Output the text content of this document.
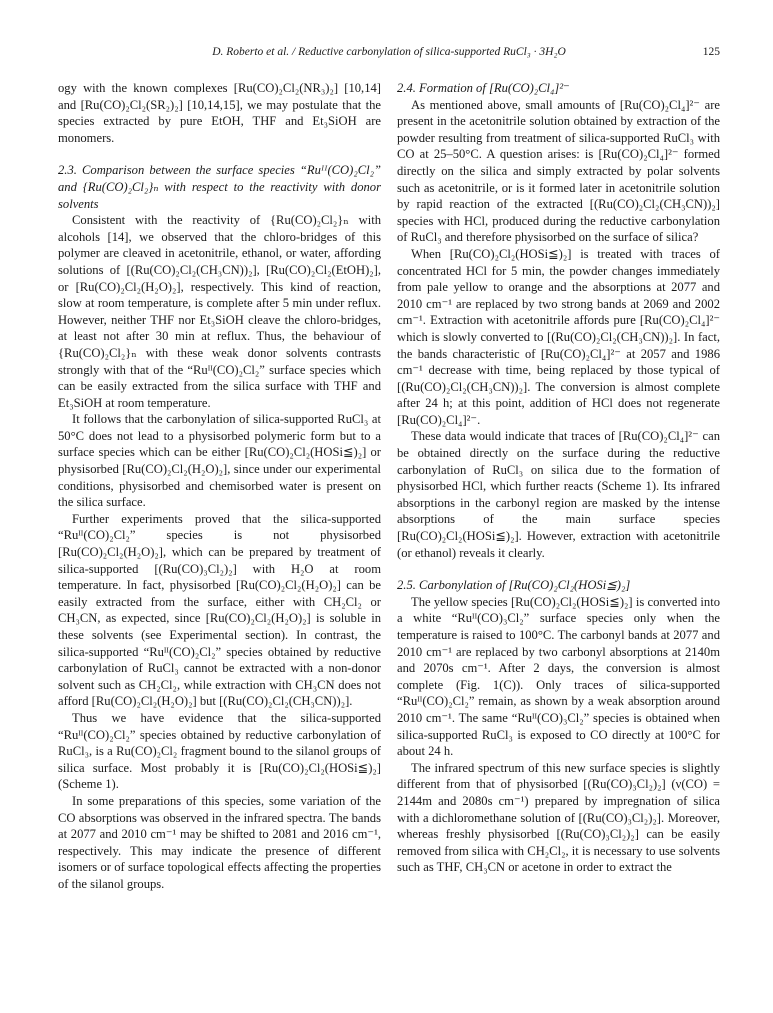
D. Roberto et al. / Reductive carbonylation of silica-supported RuCl₃ · 3H₂O	125

ogy with the known complexes [Ru(CO)₂Cl₂(NR₃)₂] [10,14] and [Ru(CO)₂Cl₂(SR₂)₂] [10,14,15], we may postulate that the species extracted by pure EtOH, THF and Et₃SiOH are monomers.

2.3. Comparison between the surface species “Ruᴵᴵ(CO)₂Cl₂” and {Ru(CO)₂Cl₂}ₙ with respect to the reactivity with donor solvents

Consistent with the reactivity of {Ru(CO)₂Cl₂}ₙ with alcohols [14], we observed that the chloro-bridges of this polymer are cleaved in acetonitrile, ethanol, or water, affording solutions of [(Ru(CO)₂Cl₂(CH₃CN))₂], [Ru(CO)₂Cl₂(EtOH)₂], or [Ru(CO)₂Cl₂(H₂O)₂], respectively. This kind of reaction, slow at room temperature, is complete after 5 min under reflux. However, neither THF nor Et₃SiOH cleave the chloro-bridges, at least not after 30 min at reflux. Thus, the behaviour of {Ru(CO)₂Cl₂}ₙ with these weak donor solvents contrasts strongly with that of the “Ruᴵᴵ(CO)₂Cl₂” surface species which can be easily extracted from the silica surface with THF and Et₃SiOH at room temperature.

It follows that the carbonylation of silica-supported RuCl₃ at 50°C does not lead to a physisorbed polymeric form but to a surface species which can be either [Ru(CO)₂Cl₂(HOSi≦)₂] or physisorbed [Ru(CO)₂Cl₂(H₂O)₂], since under our experimental conditions, physisorbed and chemisorbed water is present on the silica surface.

Further experiments proved that the silica-supported “Ruᴵᴵ(CO)₂Cl₂” species is not physisorbed [Ru(CO)₂Cl₂(H₂O)₂], which can be prepared by treatment of silica-supported [(Ru(CO)₃Cl₂)₂] with H₂O at room temperature. In fact, physisorbed [Ru(CO)₂Cl₂(H₂O)₂] can be easily extracted from the surface, either with CH₂Cl₂ or CH₃CN, as expected, since [Ru(CO)₂Cl₂(H₂O)₂] is soluble in these solvents (see Experimental section). In contrast, the silica-supported “Ruᴵᴵ(CO)₂Cl₂” species obtained by reductive carbonylation of RuCl₃ cannot be extracted with a non-donor solvent such as CH₂Cl₂, while extraction with CH₃CN does not afford [Ru(CO)₂Cl₂(H₂O)₂] but [(Ru(CO)₂Cl₂(CH₃CN))₂].

Thus we have evidence that the silica-supported “Ruᴵᴵ(CO)₂Cl₂” species obtained by reductive carbonylation of RuCl₃, is a Ru(CO)₂Cl₂ fragment bound to the silanol groups of silica surface. Most probably it is [Ru(CO)₂Cl₂(HOSi≦)₂] (Scheme 1).

In some preparations of this species, some variation of the CO absorptions was observed in the infrared spectra. The bands at 2077 and 2010 cm⁻¹ may be shifted to 2081 and 2016 cm⁻¹, respectively. This may indicate the presence of different isomers or of surface topological effects affecting the properties of the silanol groups.

2.4. Formation of [Ru(CO)₂Cl₄]²⁻

As mentioned above, small amounts of [Ru(CO)₂Cl₄]²⁻ are present in the acetonitrile solution obtained by extraction of the powder resulting from treatment of silica-supported RuCl₃ with CO at 25–50°C. A question arises: is [Ru(CO)₂Cl₄]²⁻ formed directly on the silica and simply extracted by polar solvents such as acetonitrile, or is it formed later in acetonitrile solution by rapid reaction of the extracted [(Ru(CO)₂Cl₂(CH₃CN))₂] species with HCl, produced during the reductive carbonylation of RuCl₃ and therefore physisorbed on the surface of silica?

When [Ru(CO)₂Cl₂(HOSi≦)₂] is treated with traces of concentrated HCl for 5 min, the powder changes immediately from pale yellow to orange and the absorptions at 2077 and 2010 cm⁻¹ are replaced by two strong bands at 2069 and 2002 cm⁻¹. Extraction with acetonitrile affords pure [Ru(CO)₂Cl₄]²⁻ which is slowly converted to [(Ru(CO)₂Cl₂(CH₃CN))₂]. In fact, the bands characteristic of [Ru(CO)₂Cl₄]²⁻ at 2057 and 1986 cm⁻¹ decrease with time, being replaced by those typical of [(Ru(CO)₂Cl₂(CH₃CN))₂]. The conversion is almost complete after 24 h; at this point, addition of HCl does not regenerate [Ru(CO)₂Cl₄]²⁻.

These data would indicate that traces of [Ru(CO)₂Cl₄]²⁻ can be obtained directly on the surface during the reductive carbonylation of RuCl₃ on silica due to the formation of physisorbed HCl, which further reacts (Scheme 1). Its infrared absorptions in the carbonyl region are masked by the intense absorptions of the main surface species [Ru(CO)₂Cl₂(HOSi≦)₂]. However, extraction with acetonitrile (or ethanol) reveals it clearly.

2.5. Carbonylation of [Ru(CO)₂Cl₂(HOSi≦)₂]

The yellow species [Ru(CO)₂Cl₂(HOSi≦)₂] is converted into a white “Ruᴵᴵ(CO)₃Cl₂” surface species only when the temperature is raised to 100°C. The carbonyl bands at 2077 and 2010 cm⁻¹ are replaced by two carbonyl absorptions at 2140m and 2070s cm⁻¹. After 2 days, the conversion is almost complete (Fig. 1(C)). Only traces of silica-supported “Ruᴵᴵ(CO)₂Cl₂” remain, as shown by a weak absorption around 2010 cm⁻¹. The same “Ruᴵᴵ(CO)₃Cl₂” species is obtained when silica-supported RuCl₃ is exposed to CO directly at 100°C for about 24 h.

The infrared spectrum of this new surface species is slightly different from that of physisorbed [(Ru(CO)₃Cl₂)₂] (ν(CO) = 2144m and 2080s cm⁻¹) prepared by impregnation of silica with a dichloromethane solution of [(Ru(CO)₃Cl₂)₂]. Moreover, whereas freshly physisorbed [(Ru(CO)₃Cl₂)₂] can be easily removed from silica with CH₂Cl₂, it is necessary to use solvents such as THF, CH₃CN or acetone in order to extract the
